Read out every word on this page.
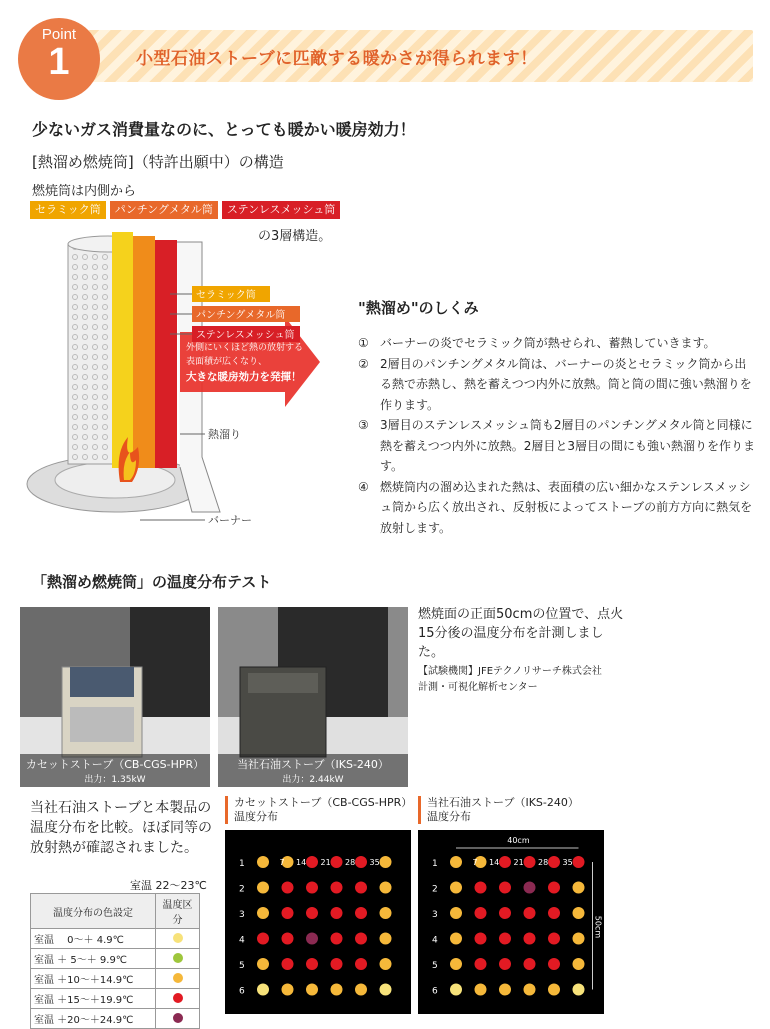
Point
1	小型石油ストーブに匹敵する暖かさが得られます！
少ないガス消費量なのに、とっても暖かい暖房効力！
[熱溜め燃焼筒]（特許出願中）の構造
燃焼筒は内側から
セラミック筒	パンチングメタル筒	ステンレスメッシュ筒
の3層構造。
外側にいくほど熱の放射する
表面積が広くなり、
大きな暖房効力を発揮！
セラミック筒
パンチングメタル筒
ステンレスメッシュ筒
熱溜り
バーナー
"熱溜め"のしくみ
① バーナーの炎でセラミック筒が熱せられ、蓄熱していきます。
② 2層目のパンチングメタル筒は、バーナーの炎とセラミック筒から出る熱で赤熱し、熱を蓄えつつ内外に放熱。筒と筒の間に強い熱溜りを作ります。
③ 3層目のステンレスメッシュ筒も2層目のパンチングメタル筒と同様に熱を蓄えつつ内外に放熱。2層目と3層目の間にも強い熱溜りを作ります。
④ 燃焼筒内の溜め込まれた熱は、表面積の広い細かなステンレスメッシュ筒から広く放出され、反射板によってストーブの前方方向に熱気を放射します。
「熱溜め燃焼筒」の温度分布テスト
カセットストーブ（CB-CGS-HPR）
出力：1.35kW
当社石油ストーブ（IKS-240）
出力：2.44kW
燃焼面の正面50cmの位置で、点火15分後の温度分布を計測しました。
【試験機関】JFEテクノリサーチ株式会社
計測・可視化解析センター
当社石油ストーブと本製品の温度分布を比較。ほぼ同等の放射熱が確認されました。
室温 22〜23℃
温度分布の色設定	温度区分
室温　 0〜＋ 4.9℃	
室温 ＋ 5〜＋ 9.9℃	
室温 ＋10〜＋14.9℃	
室温 ＋15〜＋19.9℃	
室温 ＋20〜＋24.9℃	
カセットストーブ（CB-CGS-HPR）
温度分布
当社石油ストーブ（IKS-240）
温度分布
1	7 14 21 28 35
2
3
4
5
6
1	7 14 21 28 35
2
3
4
5
6
40cm
50cm
